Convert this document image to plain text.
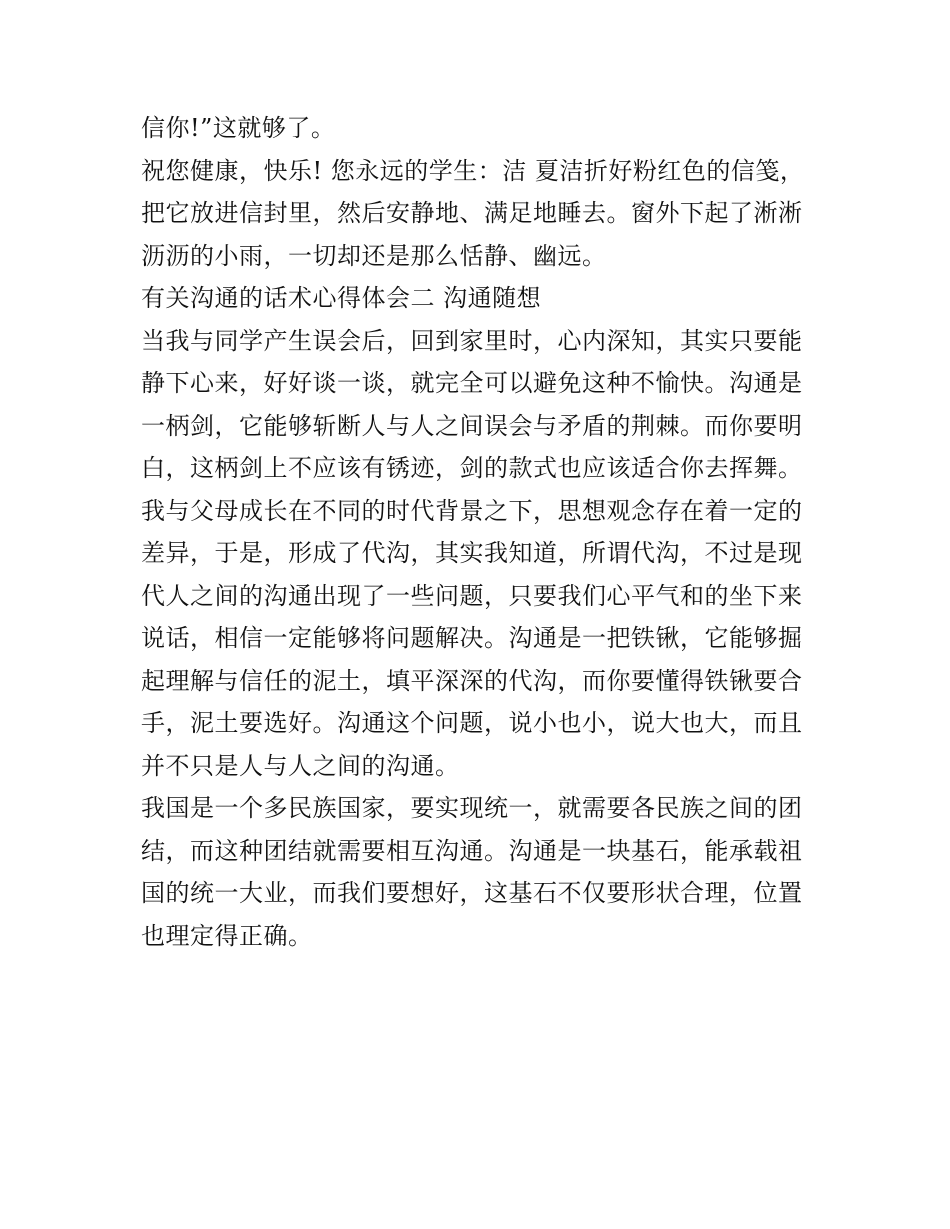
信你!”这就够了。
祝您健康，快乐! 您永远的学生：洁 夏洁折好粉红色的信笺，
把它放进信封里，然后安静地、满足地睡去。窗外下起了淅淅
沥沥的小雨，一切却还是那么恬静、幽远。
有关沟通的话术心得体会二 沟通随想
当我与同学产生误会后，回到家里时，心内深知，其实只要能
静下心来，好好谈一谈，就完全可以避免这种不愉快。沟通是
一柄剑，它能够斩断人与人之间误会与矛盾的荆棘。而你要明
白，这柄剑上不应该有锈迹，剑的款式也应该适合你去挥舞。
我与父母成长在不同的时代背景之下，思想观念存在着一定的
差异，于是，形成了代沟，其实我知道，所谓代沟，不过是现
代人之间的沟通出现了一些问题，只要我们心平气和的坐下来
说话，相信一定能够将问题解决。沟通是一把铁锹，它能够掘
起理解与信任的泥土，填平深深的代沟，而你要懂得铁锹要合
手，泥土要选好。沟通这个问题，说小也小，说大也大，而且
并不只是人与人之间的沟通。
我国是一个多民族国家，要实现统一，就需要各民族之间的团
结，而这种团结就需要相互沟通。沟通是一块基石，能承载祖
国的统一大业，而我们要想好，这基石不仅要形状合理，位置
也理定得正确。
